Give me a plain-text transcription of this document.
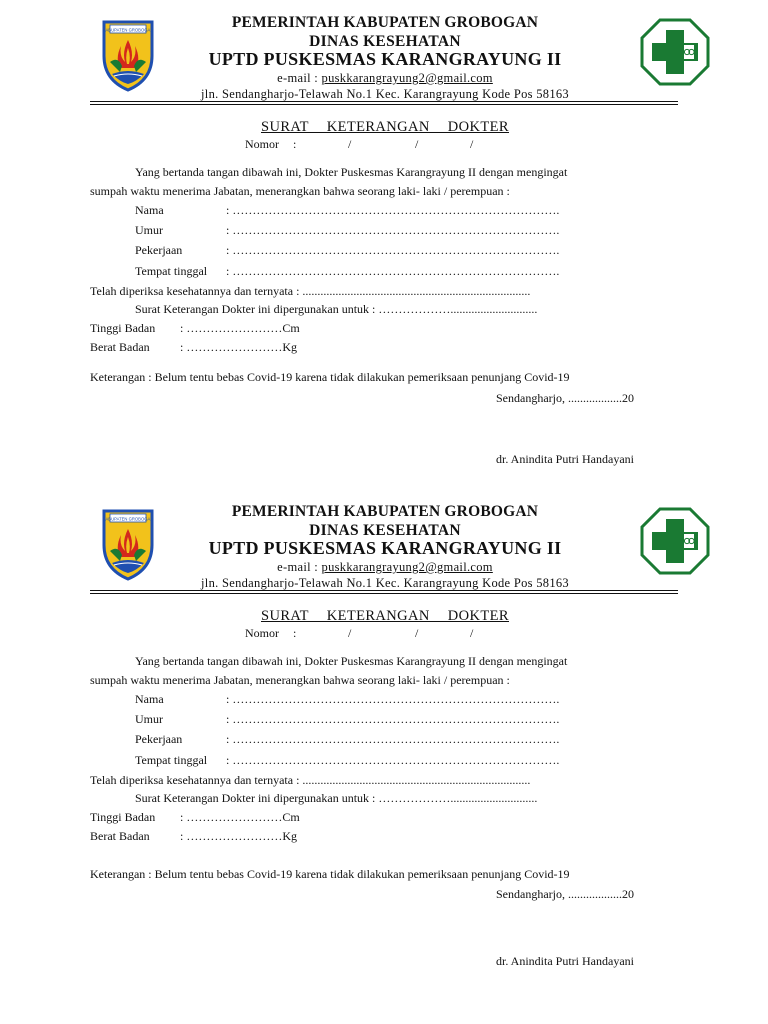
KABUPATEN GROBOGAN	PEMERINTAH KABUPATEN GROBOGAN
DINAS KESEHATAN
UPTD PUSKESMAS KARANGRAYUNG II
e-mail : puskkarangrayung2@gmail.com
jln. Sendangharjo-Telawah No.1 Kec. Karangrayung Kode Pos 58163
SURAT KETERANGAN DOKTER
Nomor :	/	/	/
Yang bertanda tangan dibawah ini, Dokter Puskesmas Karangrayung II dengan mengingat
sumpah waktu menerima Jabatan, menerangkan bahwa seorang laki- laki / perempuan :
Nama	: ……………………………………………………………………….
Umur	: ……………………………………………………………………….
Pekerjaan	: ……………………………………………………………………….
Tempat tinggal : ……………………………………………………………………….
Telah diperiksa kesehatannya dan ternyata : ............................................................................
Surat Keterangan Dokter ini dipergunakan untuk : ……………….............................
Tinggi Badan : ……………………Cm
Berat Badan	: ……………………Kg
Keterangan : Belum tentu bebas Covid-19 karena tidak dilakukan pemeriksaan penunjang Covid-19
Sendangharjo, ..................20
dr. Anindita Putri Handayani
KABUPATEN GROBOGAN	PEMERINTAH KABUPATEN GROBOGAN
DINAS KESEHATAN
UPTD PUSKESMAS KARANGRAYUNG II
e-mail : puskkarangrayung2@gmail.com
jln. Sendangharjo-Telawah No.1 Kec. Karangrayung Kode Pos 58163
SURAT KETERANGAN DOKTER
Nomor :	/	/	/
Yang bertanda tangan dibawah ini, Dokter Puskesmas Karangrayung II dengan mengingat
sumpah waktu menerima Jabatan, menerangkan bahwa seorang laki- laki / perempuan :
Nama	: ……………………………………………………………………….
Umur	: ……………………………………………………………………….
Pekerjaan	: ……………………………………………………………………….
Tempat tinggal : ……………………………………………………………………….
Telah diperiksa kesehatannya dan ternyata : ............................................................................
Surat Keterangan Dokter ini dipergunakan untuk : ……………….............................
Tinggi Badan : ……………………Cm
Berat Badan	: ……………………Kg
Keterangan : Belum tentu bebas Covid-19 karena tidak dilakukan pemeriksaan penunjang Covid-19
Sendangharjo, ..................20
dr. Anindita Putri Handayani
